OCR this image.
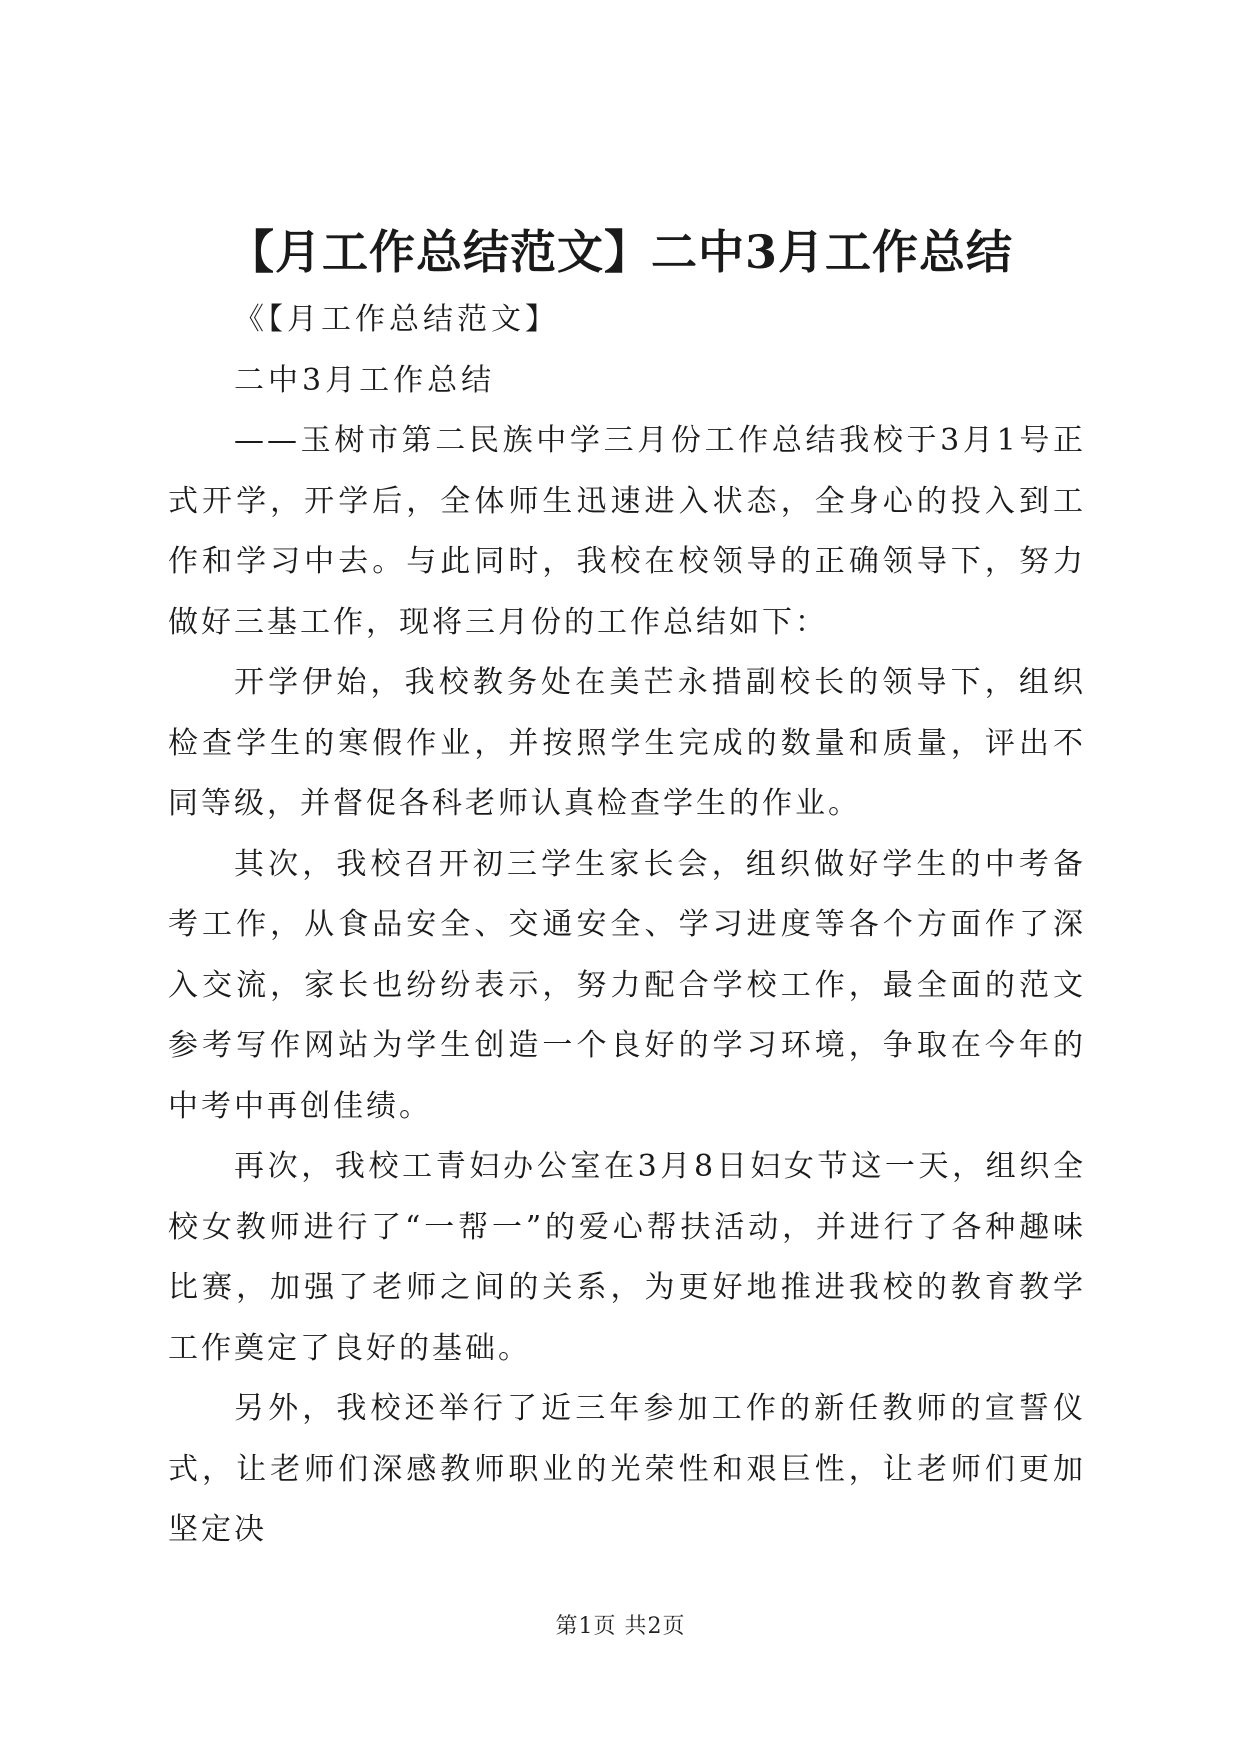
【月工作总结范文】二中3月工作总结

《【月工作总结范文】

二中3月工作总结

——玉树市第二民族中学三月份工作总结我校于3月1号正式开学，开学后，全体师生迅速进入状态，全身心的投入到工作和学习中去。与此同时，我校在校领导的正确领导下，努力做好三基工作，现将三月份的工作总结如下：

开学伊始，我校教务处在美芒永措副校长的领导下，组织检查学生的寒假作业，并按照学生完成的数量和质量，评出不同等级，并督促各科老师认真检查学生的作业。

其次，我校召开初三学生家长会，组织做好学生的中考备考工作，从食品安全、交通安全、学习进度等各个方面作了深入交流，家长也纷纷表示，努力配合学校工作，最全面的范文参考写作网站为学生创造一个良好的学习环境，争取在今年的中考中再创佳绩。

再次，我校工青妇办公室在3月8日妇女节这一天，组织全校女教师进行了“一帮一”的爱心帮扶活动，并进行了各种趣味比赛，加强了老师之间的关系，为更好地推进我校的教育教学工作奠定了良好的基础。

另外，我校还举行了近三年参加工作的新任教师的宣誓仪式，让老师们深感教师职业的光荣性和艰巨性，让老师们更加坚定决

第1页 共2页
